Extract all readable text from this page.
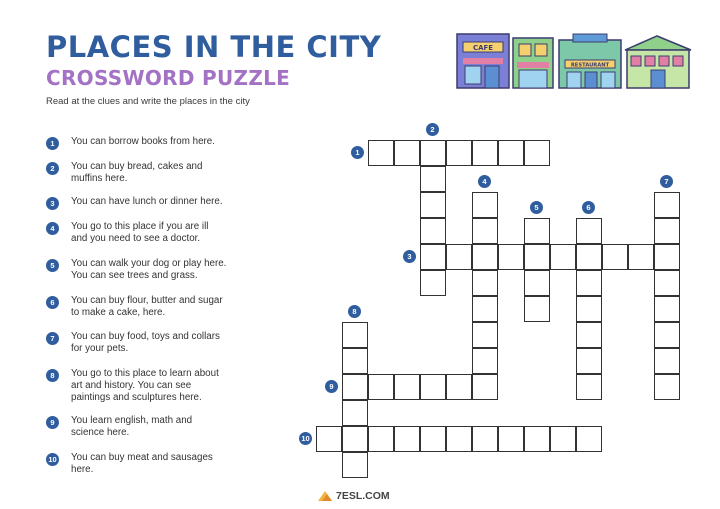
PLACES IN THE CITY
CROSSWORD PUZZLE
Read at the clues and write the places in the city
CAFE
RESTAURANT
1	You can borrow books from here.
2	You can buy bread, cakes and
muffins here.
3	You can have lunch or dinner here.
4	You go to this place if you are ill
and you need to see a doctor.
5	You can walk your dog or play here.
You can see trees and grass.
6	You can buy flour, butter and sugar
to make a cake, here.
7	You can buy food, toys and collars
for your pets.
8	You go to this place to learn about
art and history. You can see
paintings and sculptures here.
9	You learn english, math and
science here.
10 You can buy meat and sausages
here.
1
2
3
4
5	6
7
8
9
10
7ESL.COM
